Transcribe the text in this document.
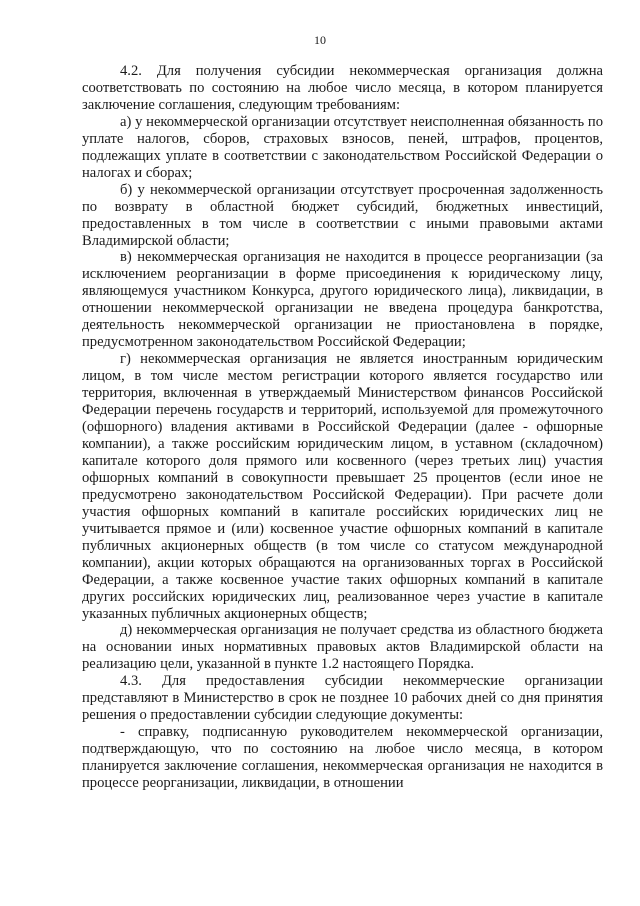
10

4.2. Для получения субсидии некоммерческая организация должна соответствовать по состоянию на любое число месяца, в котором планируется заключение соглашения, следующим требованиям:

а) у некоммерческой организации отсутствует неисполненная обязанность по уплате налогов, сборов, страховых взносов, пеней, штрафов, процентов, подлежащих уплате в соответствии с законодательством Российской Федерации о налогах и сборах;

б) у некоммерческой организации отсутствует просроченная задолженность по возврату в областной бюджет субсидий, бюджетных инвестиций, предоставленных в том числе в соответствии с иными правовыми актами Владимирской области;

в) некоммерческая организация не находится в процессе реорганизации (за исключением реорганизации в форме присоединения к юридическому лицу, являющемуся участником Конкурса, другого юридического лица), ликвидации, в отношении некоммерческой организации не введена процедура банкротства, деятельность некоммерческой организации не приостановлена в порядке, предусмотренном законодательством Российской Федерации;

г) некоммерческая организация не является иностранным юридическим лицом, в том числе местом регистрации которого является государство или территория, включенная в утверждаемый Министерством финансов Российской Федерации перечень государств и территорий, используемой для промежуточного (офшорного) владения активами в Российской Федерации (далее - офшорные компании), а также российским юридическим лицом, в уставном (складочном) капитале которого доля прямого или косвенного (через третьих лиц) участия офшорных компаний в совокупности превышает 25 процентов (если иное не предусмотрено законодательством Российской Федерации). При расчете доли участия офшорных компаний в капитале российских юридических лиц не учитывается прямое и (или) косвенное участие офшорных компаний в капитале публичных акционерных обществ (в том числе со статусом международной компании), акции которых обращаются на организованных торгах в Российской Федерации, а также косвенное участие таких офшорных компаний в капитале других российских юридических лиц, реализованное через участие в капитале указанных публичных акционерных обществ;

д) некоммерческая организация не получает средства из областного бюджета на основании иных нормативных правовых актов Владимирской области на реализацию цели, указанной в пункте 1.2 настоящего Порядка.

4.3. Для предоставления субсидии некоммерческие организации представляют в Министерство в срок не позднее 10 рабочих дней со дня принятия решения о предоставлении субсидии следующие документы:

- справку, подписанную руководителем некоммерческой организации, подтверждающую, что по состоянию на любое число месяца, в котором планируется заключение соглашения, некоммерческая организация не находится в процессе реорганизации, ликвидации, в отношении
